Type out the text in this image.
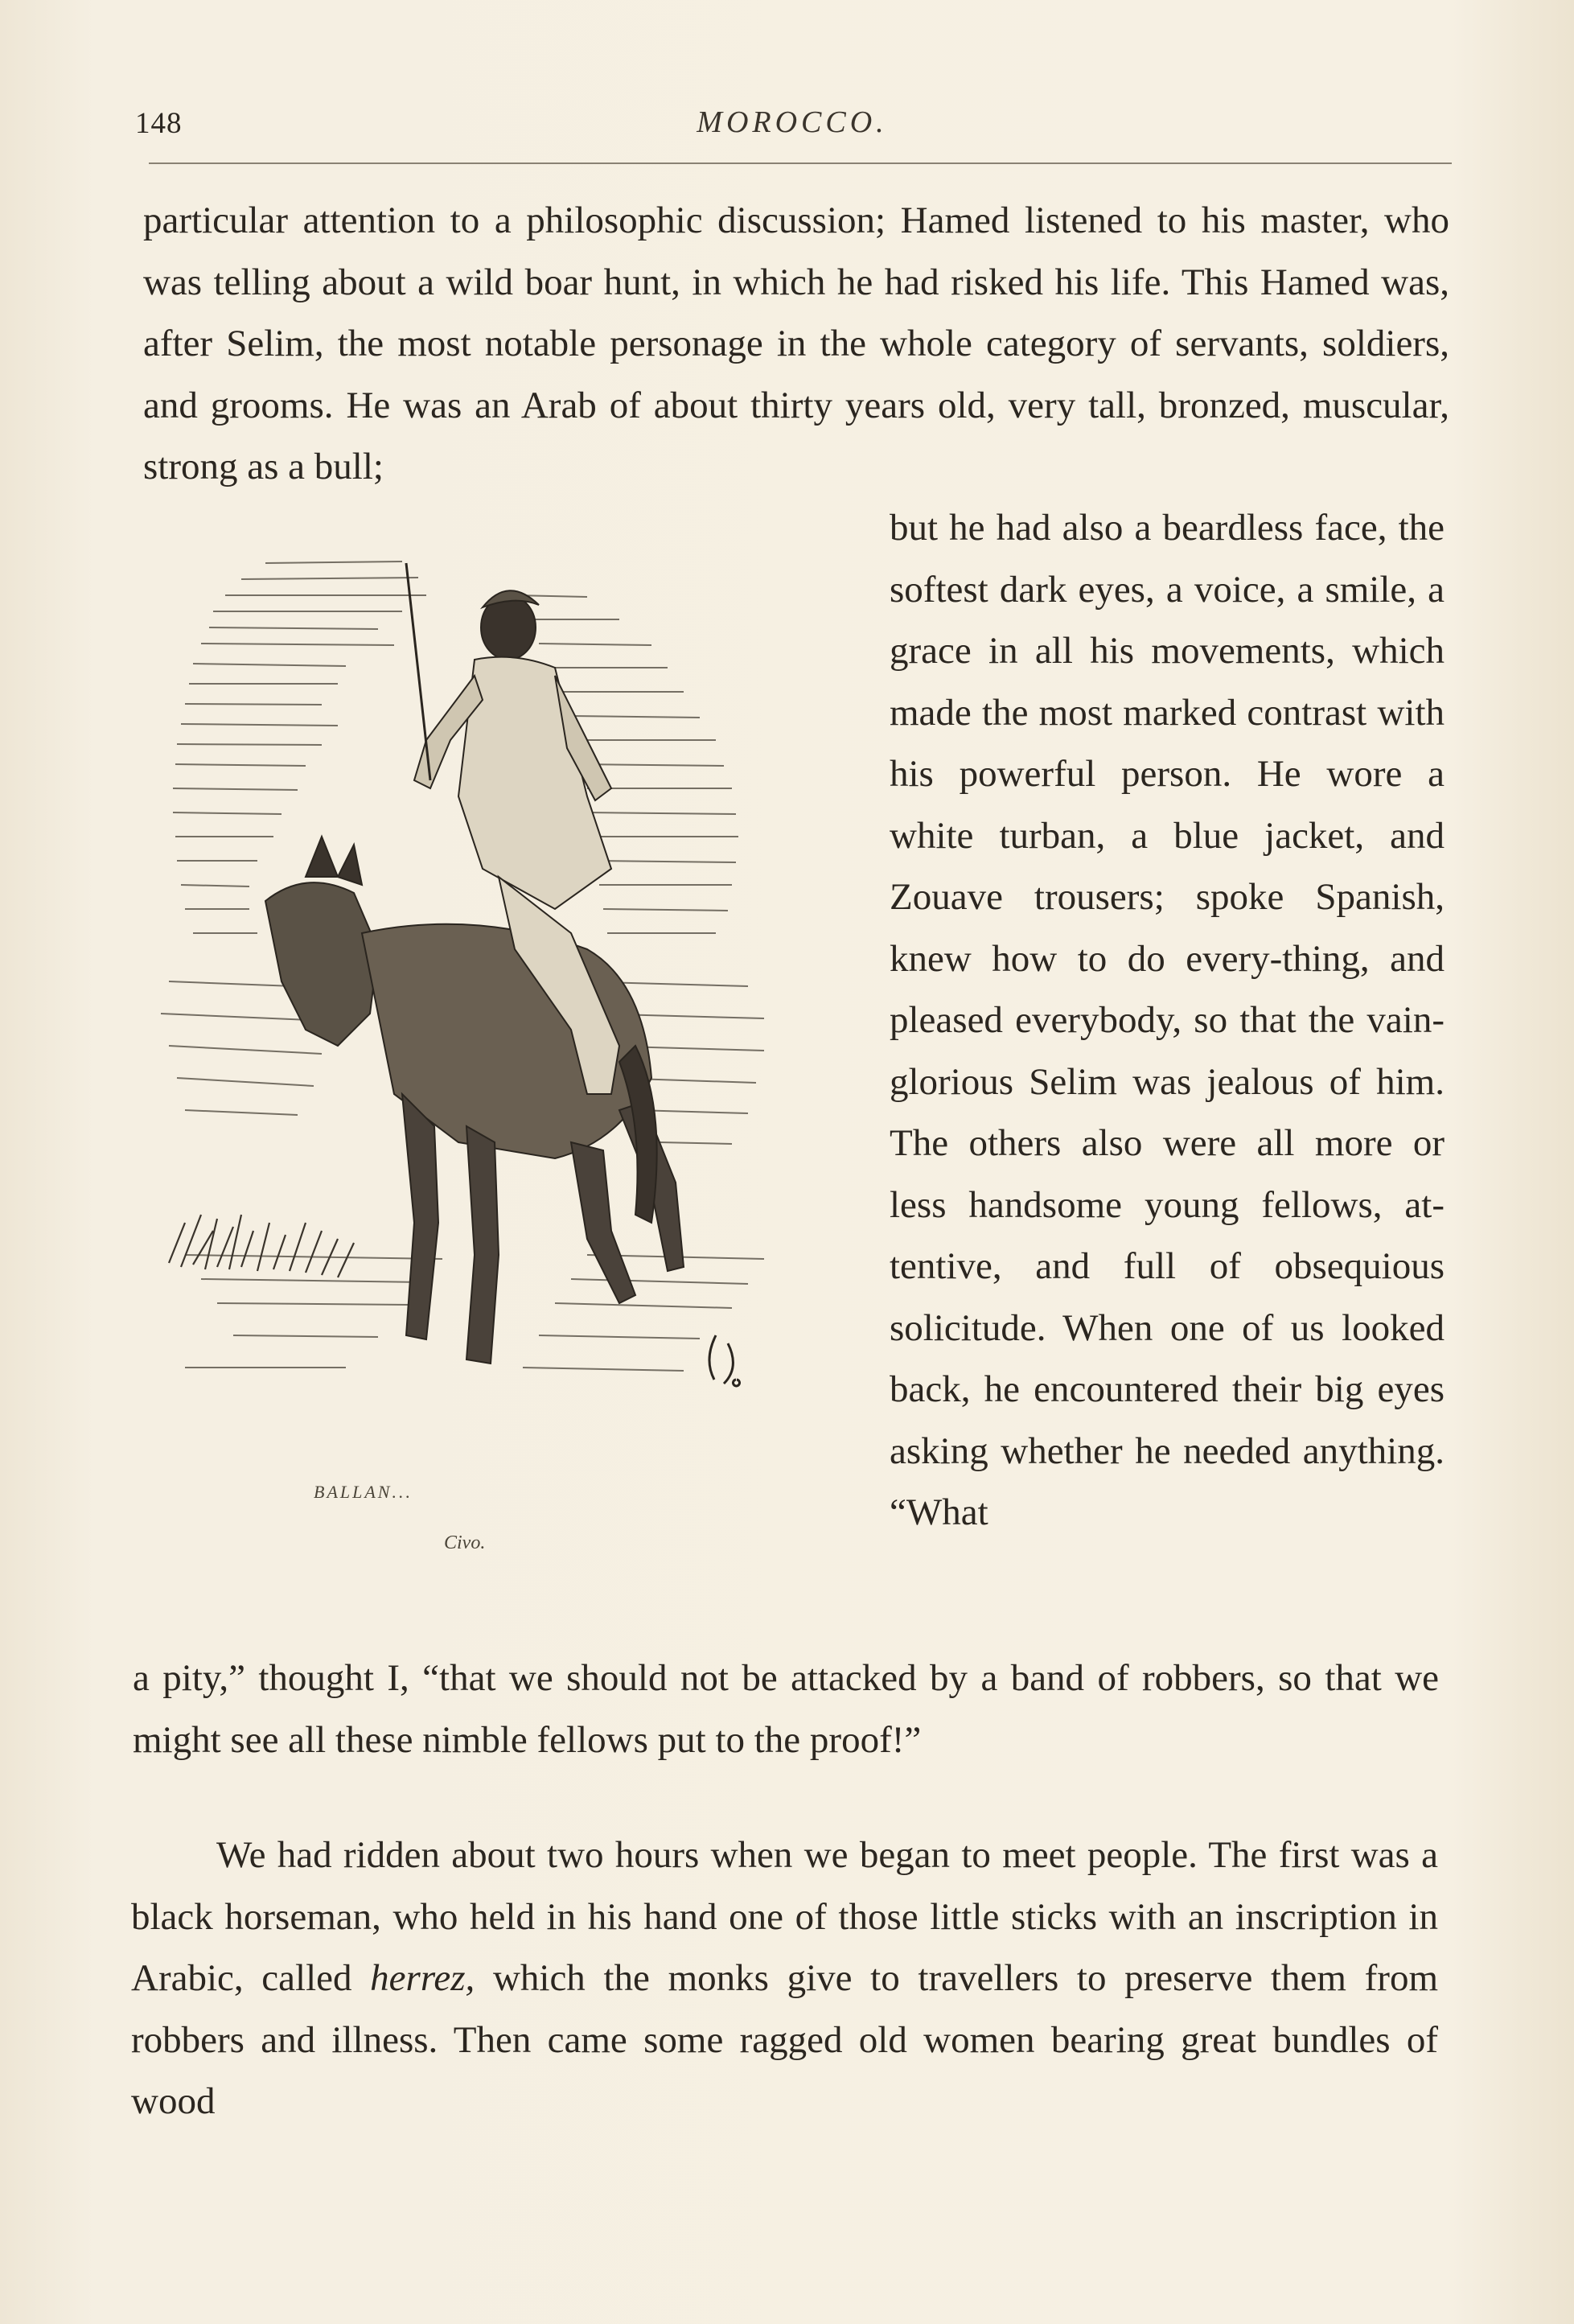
148	MOROCCO.

particular attention to a philosophic discussion; Hamed listened to his master, who was telling about a wild boar hunt, in which he had risked his life. This Hamed was, after Selim, the most notable personage in the whole category of servants, soldiers, and grooms. He was an Arab of about thirty years old, very tall, bronzed, muscular, strong as a bull;

but he had also a beardless face, the softest dark eyes, a voice, a smile, a grace in all his movements, which made the most marked contrast with his powerful person. He wore a white turban, a blue jacket, and Zouave trousers; spoke Spanish, knew how to do every-thing, and pleased everybody, so that the vain-glorious Selim was jealous of him. The others also were all more or less handsome young fellows, at-tentive, and full of obsequious solicitude. When one of us looked back, he encountered their big eyes asking whether he needed anything. “What

BALLAN...
Civo.

a pity,” thought I, “that we should not be attacked by a band of robbers, so that we might see all these nimble fellows put to the proof!”

We had ridden about two hours when we began to meet people. The first was a black horseman, who held in his hand one of those little sticks with an inscription in Arabic, called herrez, which the monks give to travellers to preserve them from robbers and illness. Then came some ragged old women bearing great bundles of wood
